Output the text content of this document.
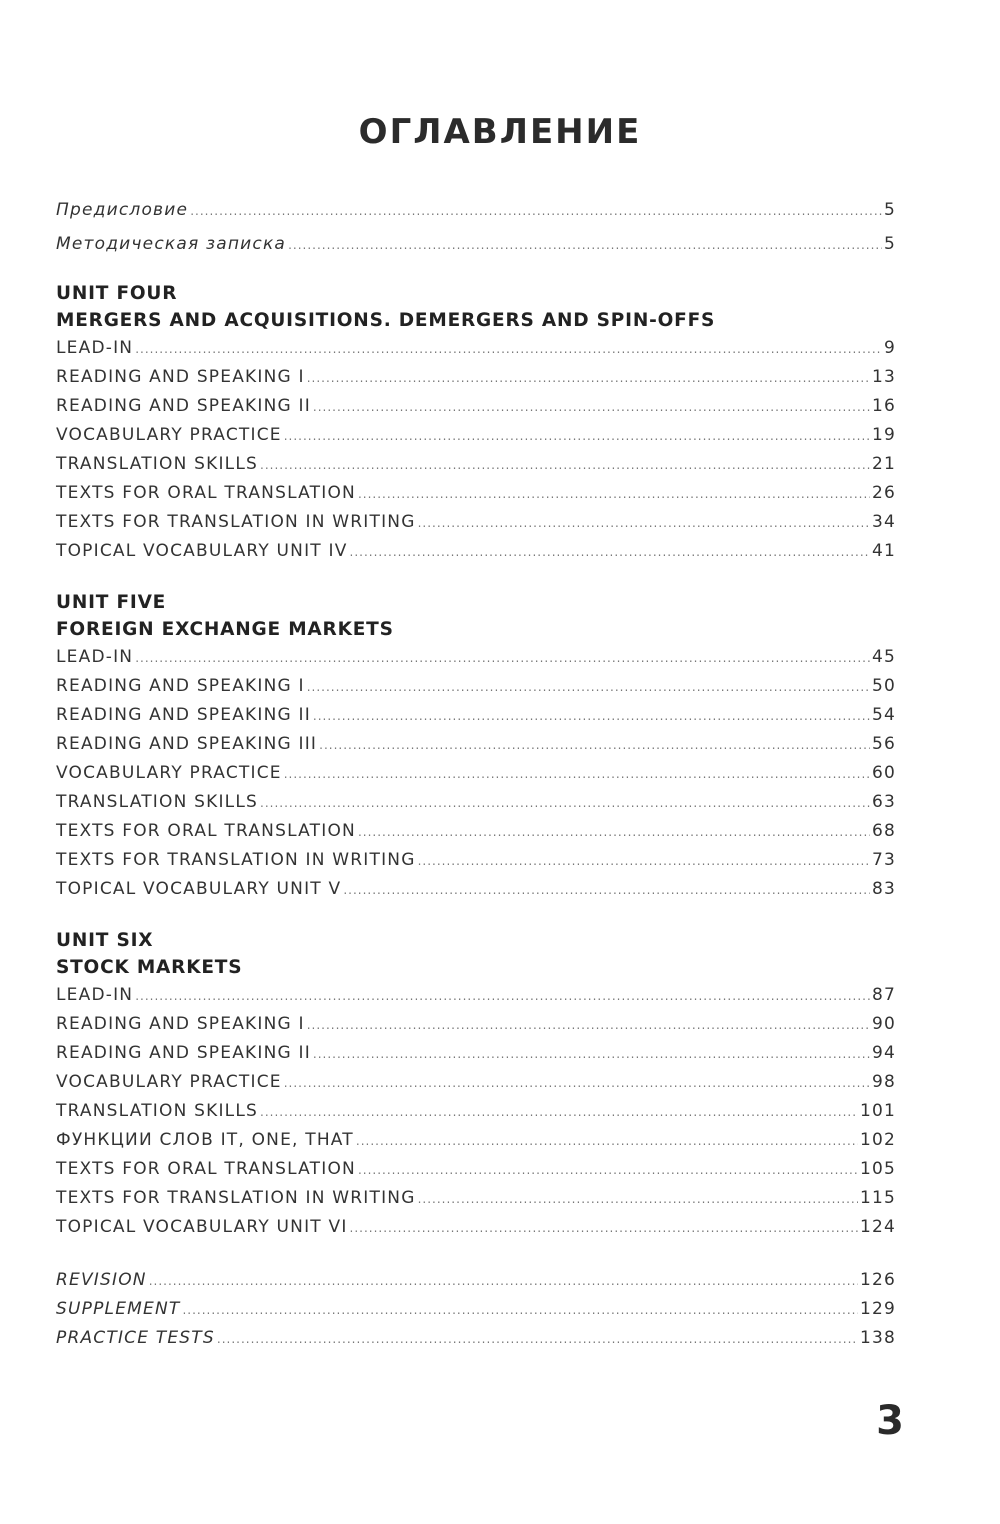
ОГЛАВЛЕНИЕ
Предисловие .....	5
Методическая записка .....	5
UNIT FOUR
MERGERS AND ACQUISITIONS. DEMERGERS AND SPIN-OFFS
LEAD-IN .....	9
READING AND SPEAKING I .....	13
READING AND SPEAKING II .....	16
VOCABULARY PRACTICE .....	19
TRANSLATION SKILLS .....	21
TEXTS FOR ORAL TRANSLATION .....	26
TEXTS FOR TRANSLATION IN WRITING .....	34
TOPICAL VOCABULARY UNIT IV .....	41
UNIT FIVE
FOREIGN EXCHANGE MARKETS
LEAD-IN .....	45
READING AND SPEAKING I .....	50
READING AND SPEAKING II .....	54
READING AND SPEAKING III .....	56
VOCABULARY PRACTICE .....	60
TRANSLATION SKILLS .....	63
TEXTS FOR ORAL TRANSLATION .....	68
TEXTS FOR TRANSLATION IN WRITING .....	73
TOPICAL VOCABULARY UNIT V .....	83
UNIT SIX
STOCK MARKETS
LEAD-IN .....	87
READING AND SPEAKING I .....	90
READING AND SPEAKING II .....	94
VOCABULARY PRACTICE .....	98
TRANSLATION SKILLS .....	101
ФУНКЦИИ СЛОВ IT, ONE, THAT .....	102
TEXTS FOR ORAL TRANSLATION .....	105
TEXTS FOR TRANSLATION IN WRITING .....	115
TOPICAL VOCABULARY UNIT VI .....	124
REVISION .....	126
SUPPLEMENT .....	129
PRACTICE TESTS .....	138
3
